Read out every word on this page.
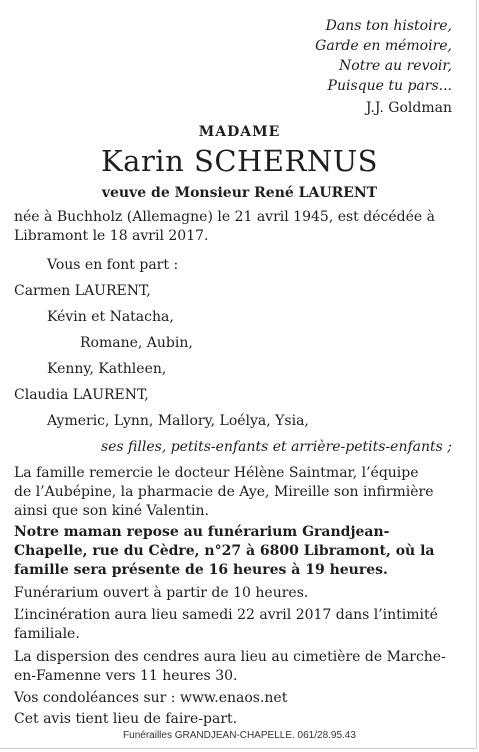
Dans ton histoire,
Garde en mémoire,
Notre au revoir,
Puisque tu pars...
J.J. Goldman
MADAME
Karin SCHERNUS
veuve de Monsieur René LAURENT
née à Buchholz (Allemagne) le 21 avril 1945, est décédée à
Libramont le 18 avril 2017.
Vous en font part :
Carmen LAURENT,
Kévin et Natacha,
Romane, Aubin,
Kenny, Kathleen,
Claudia LAURENT,
Aymeric, Lynn, Mallory, Loélya, Ysia,
ses filles, petits-enfants et arrière-petits-enfants ;
La famille remercie le docteur Hélène Saintmar, l’équipe
de l’Aubépine, la pharmacie de Aye, Mireille son infirmière
ainsi que son kiné Valentin.
Notre maman repose au funérarium Grandjean-
Chapelle, rue du Cèdre, n°27 à 6800 Libramont, où la
famille sera présente de 16 heures à 19 heures.
Funérarium ouvert à partir de 10 heures.
L’incinération aura lieu samedi 22 avril 2017 dans l’intimité
familiale.
La dispersion des cendres aura lieu au cimetière de Marche-
en-Famenne vers 11 heures 30.
Vos condoléances sur : www.enaos.net
Cet avis tient lieu de faire-part.
Funérailles GRANDJEAN-CHAPELLE. 061/28.95.43
